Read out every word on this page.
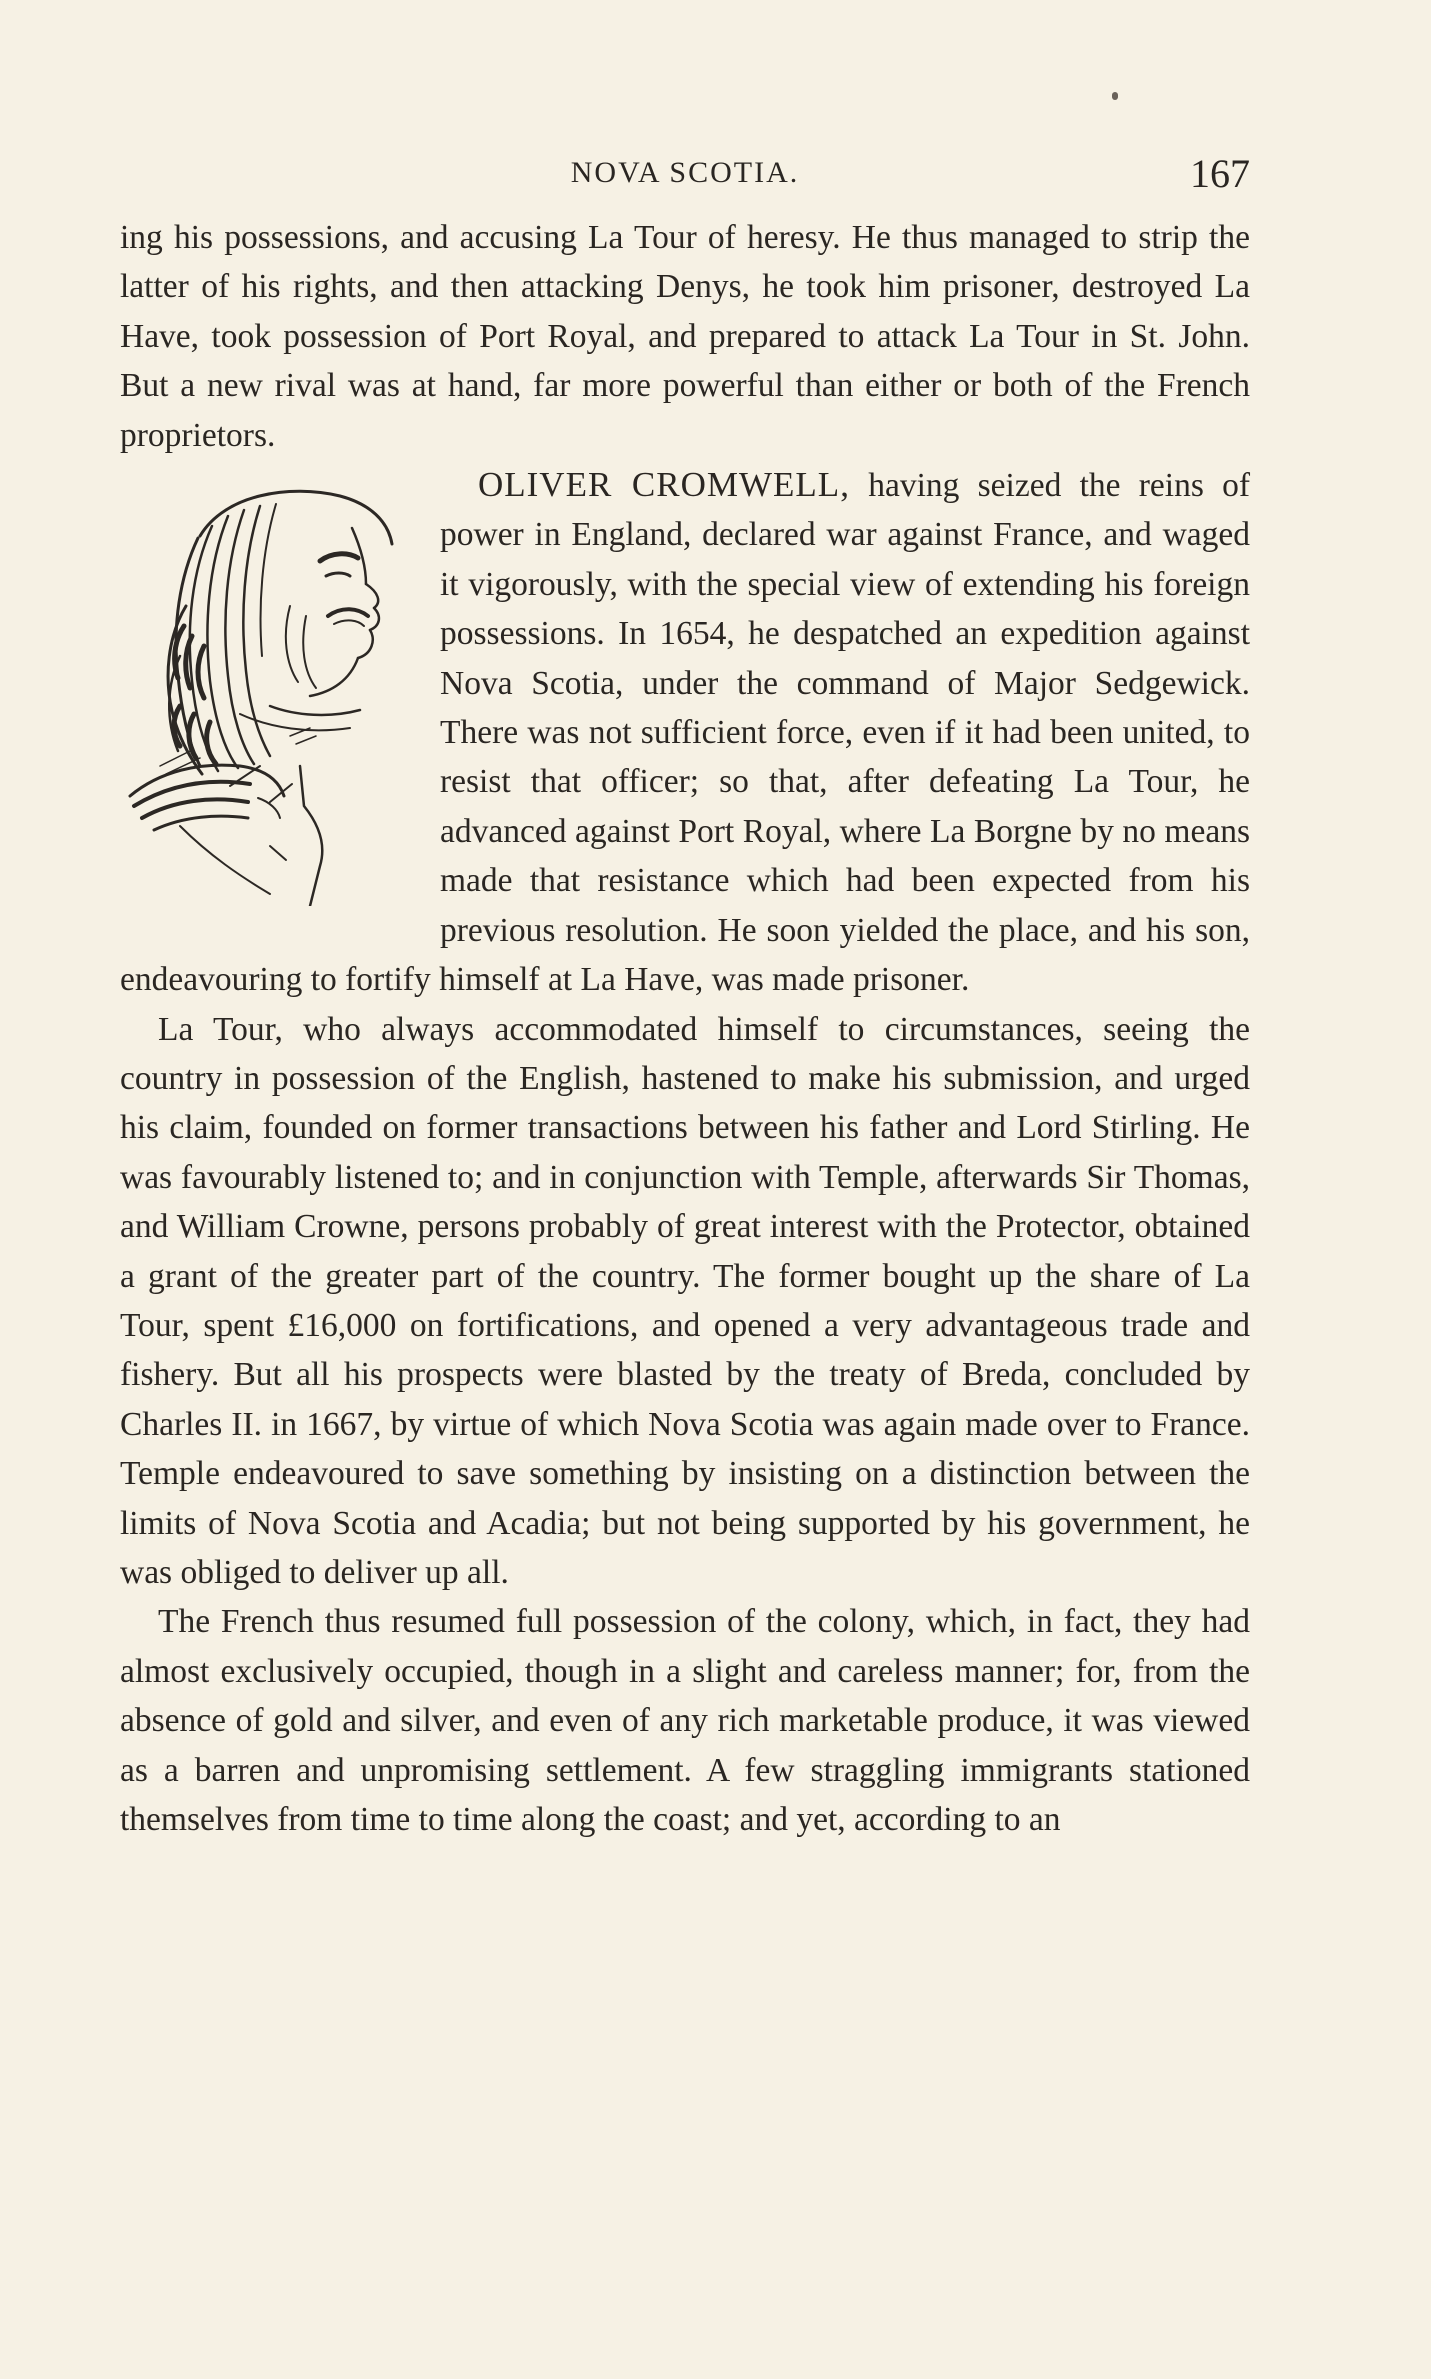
NOVA SCOTIA.	167

ing his possessions, and accusing La Tour of heresy. He thus managed to strip the latter of his rights, and then attacking Denys, he took him prisoner, destroyed La Have, took possession of Port Royal, and prepared to attack La Tour in St. John. But a new rival was at hand, far more powerful than either or both of the French proprietors.

OLIVER CROMWELL, having seized the reins of power in England, declared war against France, and waged it vigorously, with the special view of extending his foreign possessions. In 1654, he despatched an expedition against Nova Scotia, under the command of Major Sedgewick. There was not sufficient force, even if it had been united, to resist that officer; so that, after defeating La Tour, he advanced against Port Royal, where La Borgne by no means made that resistance which had been expected from his previous resolution. He soon yielded the place, and his son, endeavouring to fortify himself at La Have, was made prisoner.

La Tour, who always accommodated himself to circumstances, seeing the country in possession of the English, hastened to make his submission, and urged his claim, founded on former transactions between his father and Lord Stirling. He was favourably listened to; and in conjunction with Temple, afterwards Sir Thomas, and William Crowne, persons probably of great interest with the Protector, obtained a grant of the greater part of the country. The former bought up the share of La Tour, spent £16,000 on fortifications, and opened a very advantageous trade and fishery. But all his prospects were blasted by the treaty of Breda, concluded by Charles II. in 1667, by virtue of which Nova Scotia was again made over to France. Temple endeavoured to save something by insisting on a distinction between the limits of Nova Scotia and Acadia; but not being supported by his government, he was obliged to deliver up all.

The French thus resumed full possession of the colony, which, in fact, they had almost exclusively occupied, though in a slight and careless manner; for, from the absence of gold and silver, and even of any rich marketable produce, it was viewed as a barren and unpromising settlement. A few straggling immigrants stationed themselves from time to time along the coast; and yet, according to an
